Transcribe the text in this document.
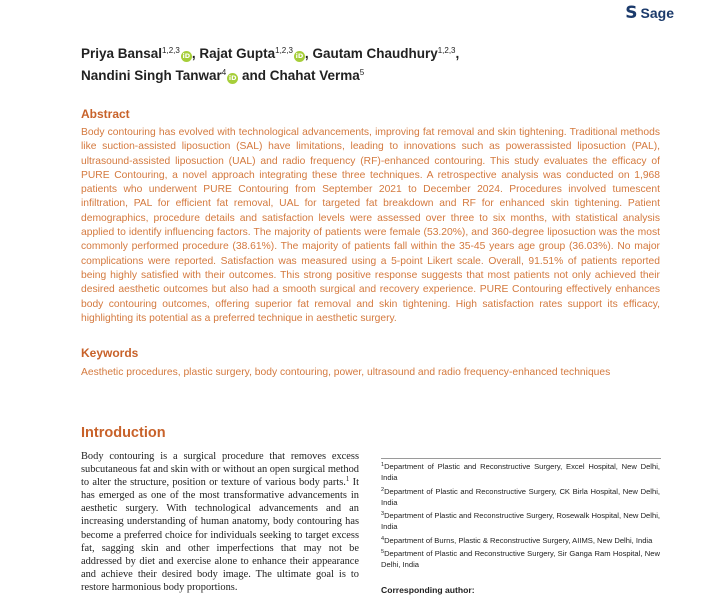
S Sage
Priya Bansal$^{1,2,3}$iD , Rajat Gupta$^{1,2,3}$iD , Gautam Chaudhury$^{1,2,3}$,
Nandini Singh Tanwar$^4$iD and Chahat Verma$^5$
Abstract
Body contouring has evolved with technological advancements, improving fat removal and skin tightening. Traditional methods like suction-assisted liposuction (SAL) have limitations, leading to innovations such as powerassisted liposuction (PAL), ultrasound-assisted liposuction (UAL) and radio frequency (RF)-enhanced contouring. This study evaluates the efficacy of PURE Contouring, a novel approach integrating these three techniques. A retrospective analysis was conducted on 1,968 patients who underwent PURE Contouring from September 2021 to December 2024. Procedures involved tumescent infiltration, PAL for efficient fat removal, UAL for targeted fat breakdown and RF for enhanced skin tightening. Patient demographics, procedure details and satisfaction levels were assessed over three to six months, with statistical analysis applied to identify influencing factors. The majority of patients were female (53.20%), and 360-degree liposuction was the most commonly performed procedure (38.61%). The majority of patients fall within the 35-45 years age group (36.03%). No major complications were reported. Satisfaction was measured using a 5-point Likert scale. Overall, 91.51% of patients reported being highly satisfied with their outcomes. This strong positive response suggests that most patients not only achieved their desired aesthetic outcomes but also had a smooth surgical and recovery experience. PURE Contouring effectively enhances body contouring outcomes, offering superior fat removal and skin tightening. High satisfaction rates support its efficacy, highlighting its potential as a preferred technique in aesthetic surgery.
Keywords
Aesthetic procedures, plastic surgery, body contouring, power, ultrasound and radio frequency-enhanced techniques
Introduction
Body contouring is a surgical procedure that removes excess subcutaneous fat and skin with or without an open surgical method to alter the structure, position or texture of various body parts.$^1$ It has emerged as one of the most transformative advancements in aesthetic surgery. With technological advancements and an increasing understanding of human anatomy, body contouring has become a preferred choice for individuals seeking to target excess fat, sagging skin and other imperfections that may not be addressed by diet and exercise alone to enhance their appearance and achieve their desired body image. The ultimate goal is to restore harmonious body proportions.
$^1$Department of Plastic and Reconstructive Surgery, Excel Hospital, New Delhi, India
$^2$Department of Plastic and Reconstructive Surgery, CK Birla Hospital, New Delhi, India
$^3$Department of Plastic and Reconstructive Surgery, Rosewalk Hospital, New Delhi, India
$^4$Department of Burns, Plastic & Reconstructive Surgery, AIIMS, New Delhi, India
$^5$Department of Plastic and Reconstructive Surgery, Sir Ganga Ram Hospital, New Delhi, India
Corresponding author:
